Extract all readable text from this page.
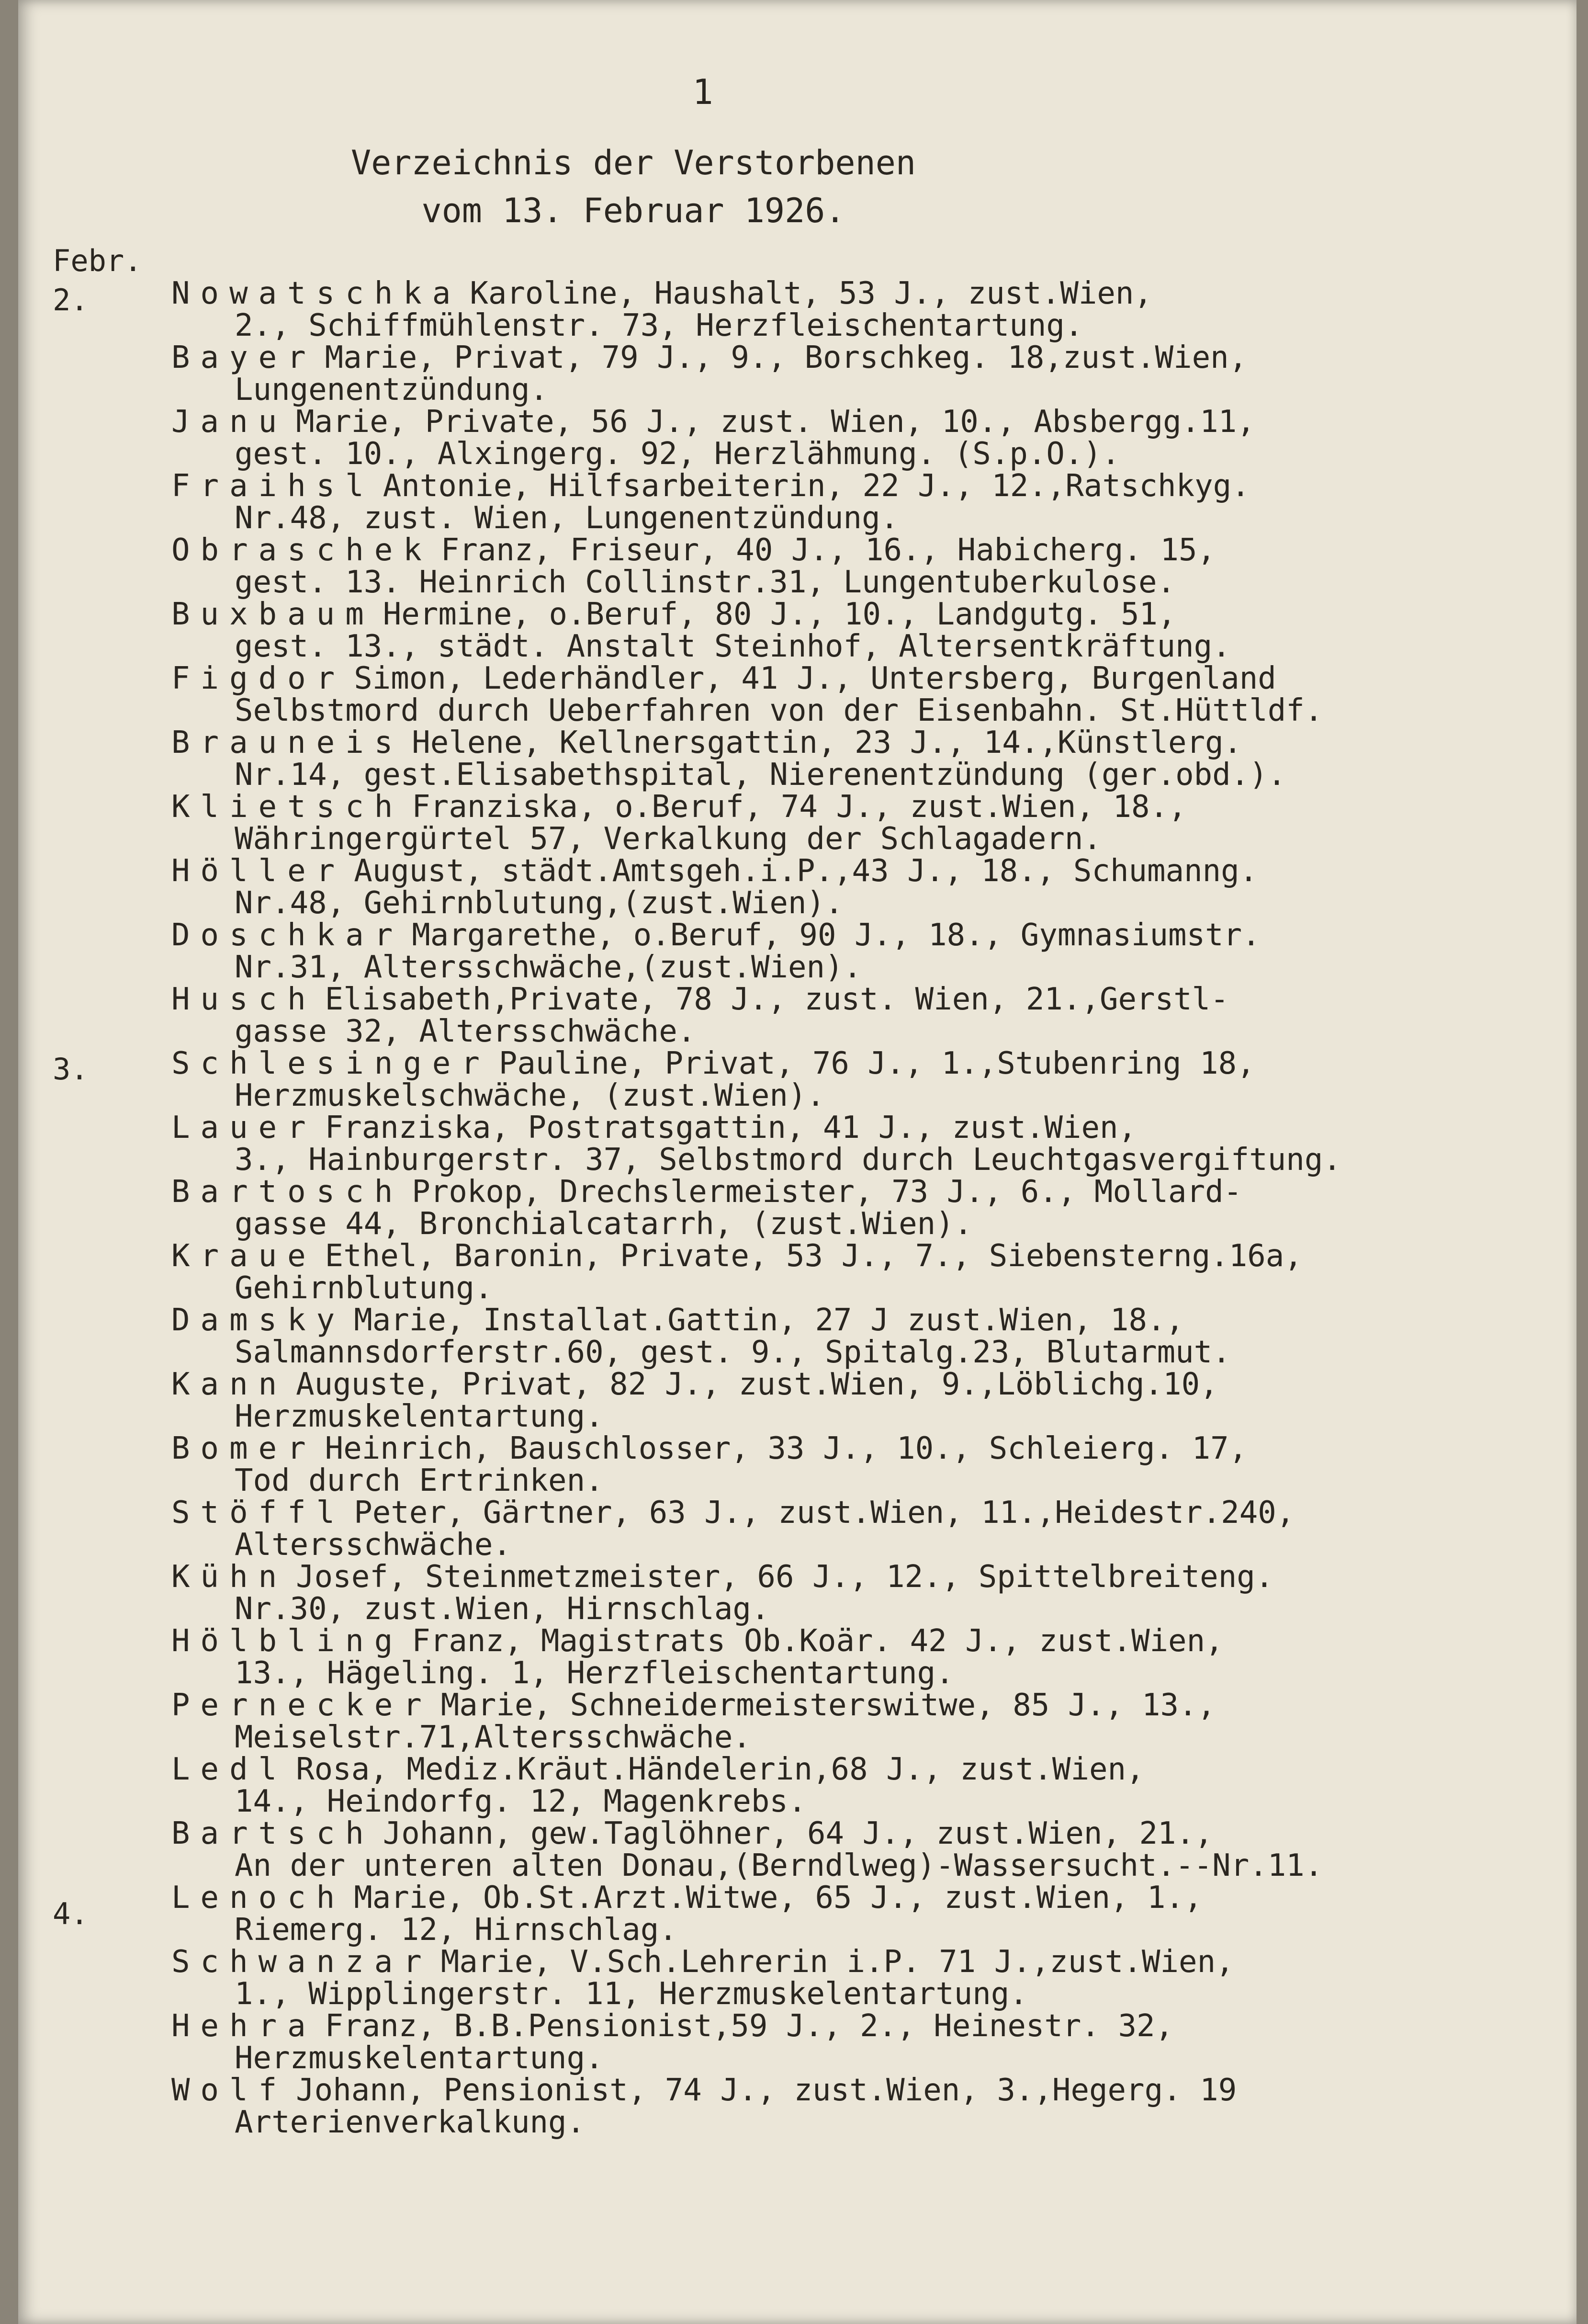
1
Verzeichnis der Verstorbenen
vom 13. Februar 1926.
Febr.
2.
3.
4.
Nowatschka Karoline, Haushalt, 53 J., zust.Wien,
2., Schiffmühlenstr. 73, Herzfleischentartung.
Bayer Marie, Privat, 79 J., 9., Borschkeg. 18,zust.Wien,
Lungenentzündung.
Janu Marie, Private, 56 J., zust. Wien, 10., Absbergg.11,
gest. 10., Alxingerg. 92, Herzlähmung. (S.p.O.).
Fraihsl Antonie, Hilfsarbeiterin, 22 J., 12.,Ratschkyg.
Nr.48, zust. Wien, Lungenentzündung.
Obraschek Franz, Friseur, 40 J., 16., Habicherg. 15,
gest. 13. Heinrich Collinstr.31, Lungentuberkulose.
Buxbaum Hermine, o.Beruf, 80 J., 10., Landgutg. 51,
gest. 13., städt. Anstalt Steinhof, Altersentkräftung.
Figdor Simon, Lederhändler, 41 J., Untersberg, Burgenland
Selbstmord durch Ueberfahren von der Eisenbahn. St.Hüttldf.
Brauneis Helene, Kellnersgattin, 23 J., 14.,Künstlerg.
Nr.14, gest.Elisabethspital, Nierenentzündung (ger.obd.).
Klietsch Franziska, o.Beruf, 74 J., zust.Wien, 18.,
Währingergürtel 57, Verkalkung der Schlagadern.
Höller August, städt.Amtsgeh.i.P.,43 J., 18., Schumanng.
Nr.48, Gehirnblutung,(zust.Wien).
Doschkar Margarethe, o.Beruf, 90 J., 18., Gymnasiumstr.
Nr.31, Altersschwäche,(zust.Wien).
Husch Elisabeth,Private, 78 J., zust. Wien, 21.,Gerstl-
gasse 32, Altersschwäche.
Schlesinger Pauline, Privat, 76 J., 1.,Stubenring 18,
Herzmuskelschwäche, (zust.Wien).
Lauer Franziska, Postratsgattin, 41 J., zust.Wien,
3., Hainburgerstr. 37, Selbstmord durch Leuchtgasvergiftung.
Bartosch Prokop, Drechslermeister, 73 J., 6., Mollard-
gasse 44, Bronchialcatarrh, (zust.Wien).
Kraue Ethel, Baronin, Private, 53 J., 7., Siebensterng.16a,
Gehirnblutung.
Damsky Marie, Installat.Gattin, 27 J zust.Wien, 18.,
Salmannsdorferstr.60, gest. 9., Spitalg.23, Blutarmut.
Kann Auguste, Privat, 82 J., zust.Wien, 9.,Löblichg.10,
Herzmuskelentartung.
Bomer Heinrich, Bauschlosser, 33 J., 10., Schleierg. 17,
Tod durch Ertrinken.
Stöffl Peter, Gärtner, 63 J., zust.Wien, 11.,Heidestr.240,
Altersschwäche.
Kühn Josef, Steinmetzmeister, 66 J., 12., Spittelbreiteng.
Nr.30, zust.Wien, Hirnschlag.
Hölbling Franz, Magistrats Ob.Koär. 42 J., zust.Wien,
13., Hägeling. 1, Herzfleischentartung.
Pernecker Marie, Schneidermeisterswitwe, 85 J., 13.,
Meiselstr.71,Altersschwäche.
Ledl Rosa, Mediz.Kräut.Händelerin,68 J., zust.Wien,
14., Heindorfg. 12, Magenkrebs.
Bartsch Johann, gew.Taglöhner, 64 J., zust.Wien, 21.,
An der unteren alten Donau,(Berndlweg)-Wassersucht.--Nr.11.
Lenoch Marie, Ob.St.Arzt.Witwe, 65 J., zust.Wien, 1.,
Riemerg. 12, Hirnschlag.
Schwanzar Marie, V.Sch.Lehrerin i.P. 71 J.,zust.Wien,
1., Wipplingerstr. 11, Herzmuskelentartung.
Hehra Franz, B.B.Pensionist,59 J., 2., Heinestr. 32,
Herzmuskelentartung.
Wolf Johann, Pensionist, 74 J., zust.Wien, 3.,Hegerg. 19
Arterienverkalkung.
